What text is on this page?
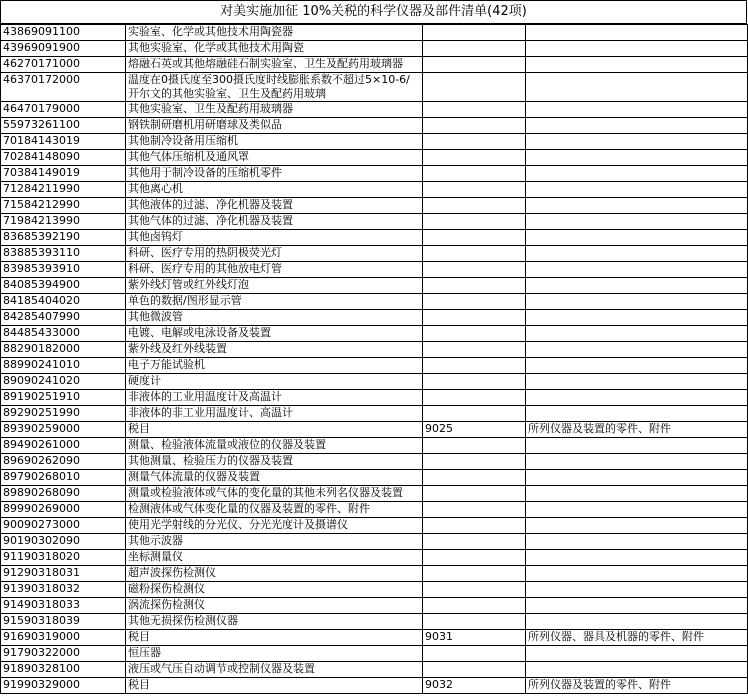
对美实施加征 10%关税的科学仪器及部件清单(42项)
43869091100	实验室、化学或其他技术用陶瓷器		
43969091900	其他实验室、化学或其他技术用陶瓷		
46270171000	熔融石英或其他熔融硅石制实验室、卫生及配药用玻璃器		
46370172000	温度在0摄氏度至300摄氏度时线膨胀系数不超过5×10-6/开尔文的其他实验室、卫生及配药用玻璃		
46470179000	其他实验室、卫生及配药用玻璃器		
55973261100	钢铁制研磨机用研磨球及类似品		
70184143019	其他制冷设备用压缩机		
70284148090	其他气体压缩机及通风罩		
70384149019	其他用于制冷设备的压缩机零件		
71284211990	其他离心机		
71584212990	其他液体的过滤、净化机器及装置		
71984213990	其他气体的过滤、净化机器及装置		
83685392190	其他卤钨灯		
83885393110	科研、医疗专用的热阴极荧光灯		
83985393910	科研、医疗专用的其他放电灯管		
84085394900	紫外线灯管或红外线灯泡		
84185404020	单色的数据/图形显示管		
84285407990	其他微波管		
84485433000	电镀、电解或电泳设备及装置		
88290182000	紫外线及红外线装置		
88990241010	电子万能试验机		
89090241020	硬度计		
89190251910	非液体的工业用温度计及高温计		
89290251990	非液体的非工业用温度计、高温计		
89390259000	税目	9025	所列仪器及装置的零件、附件
89490261000	测量、检验液体流量或液位的仪器及装置		
89690262090	其他测量、检验压力的仪器及装置		
89790268010	测量气体流量的仪器及装置		
89890268090	测量或检验液体或气体的变化量的其他未列名仪器及装置		
89990269000	检测液体或气体变化量的仪器及装置的零件、附件		
90090273000	使用光学射线的分光仪、分光光度计及摄谱仪		
90190302090	其他示波器		
91190318020	坐标测量仪		
91290318031	超声波探伤检测仪		
91390318032	磁粉探伤检测仪		
91490318033	涡流探伤检测仪		
91590318039	其他无损探伤检测仪器		
91690319000	税目	9031	所列仪器、器具及机器的零件、附件
91790322000	恒压器		
91890328100	液压或气压自动调节或控制仪器及装置		
91990329000	税目	9032	所列仪器及装置的零件、附件
